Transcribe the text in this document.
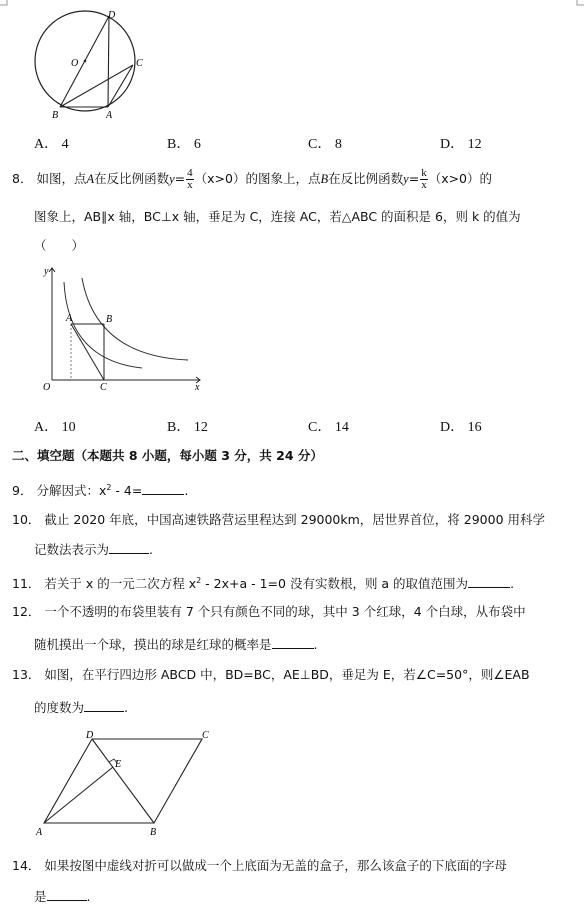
D
O	C
B	A
A． 4	B． 6	C． 8	D． 12
8． 如图，点A在反比例函数$y= \frac{4}{x} (x>0)$的图象上，点B在反比例函数$y= \frac{k}{x} (x>0)$的
图象上，AB∥x 轴，BC⊥x 轴，垂足为 C，连接 AC，若△ABC 的面积是 6，则 k 的值为
（　　）
y
A	B
O	C	x
A． 10	B． 12	C． 14	D． 16
二、填空题（本题共 8 小题，每小题 3 分，共 24 分）
9． 分解因式：$x^2 - 4=$	.
10． 截止 2020 年底，中国高速铁路营运里程达到 29000km，居世界首位，将 29000 用科学
记数法表示为	.
11． 若关于 x 的一元二次方程 $x^2 - 2x+a - 1=0$ 没有实数根，则 a 的取值范围为	.
12． 一个不透明的布袋里装有 7 个只有颜色不同的球，其中 3 个红球，4 个白球，从布袋中
随机摸出一个球，摸出的球是红球的概率是	.
13． 如图，在平行四边形 ABCD 中，BD=BC，AE⊥BD，垂足为 E，若∠C=50°，则∠EAB
的度数为	.
D	C
E
A	B
14． 如果按图中虚线对折可以做成一个上底面为无盖的盒子，那么该盒子的下底面的字母
是	.
